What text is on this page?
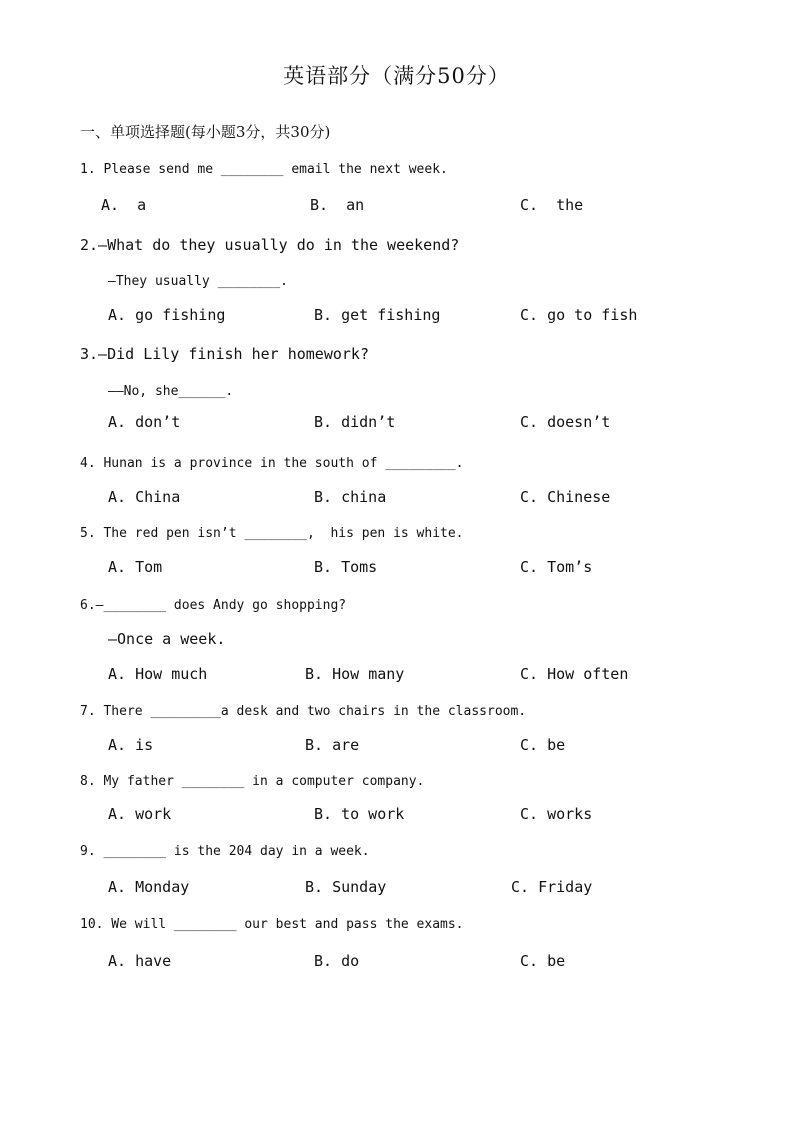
英语部分（满分50分）
一、单项选择题(每小题3分，共30分)
1. Please send me ________ email the next week.
A.  a	B.  an	C.  the
2.—What do they usually do in the weekend?
—They usually ________.
A. go fishing	B. get fishing	C. go to fish
3.—Did Lily finish her homework?
——No, she______.
A. don’t	B. didn’t	C. doesn’t
4. Hunan is a province in the south of _________.
A. China	B. china	C. Chinese
5. The red pen isn’t ________,  his pen is white.
A. Tom	B. Toms	C. Tom’s
6.—________ does Andy go shopping?
—Once a week.
A. How much	B. How many	C. How often
7. There _________a desk and two chairs in the classroom.
A. is	B. are	C. be
8. My father ________ in a computer company.
A. work	B. to work	C. works
9. ________ is the 204 day in a week.
A. Monday	B. Sunday	C. Friday
10. We will ________ our best and pass the exams.
A. have	B. do	C. be
